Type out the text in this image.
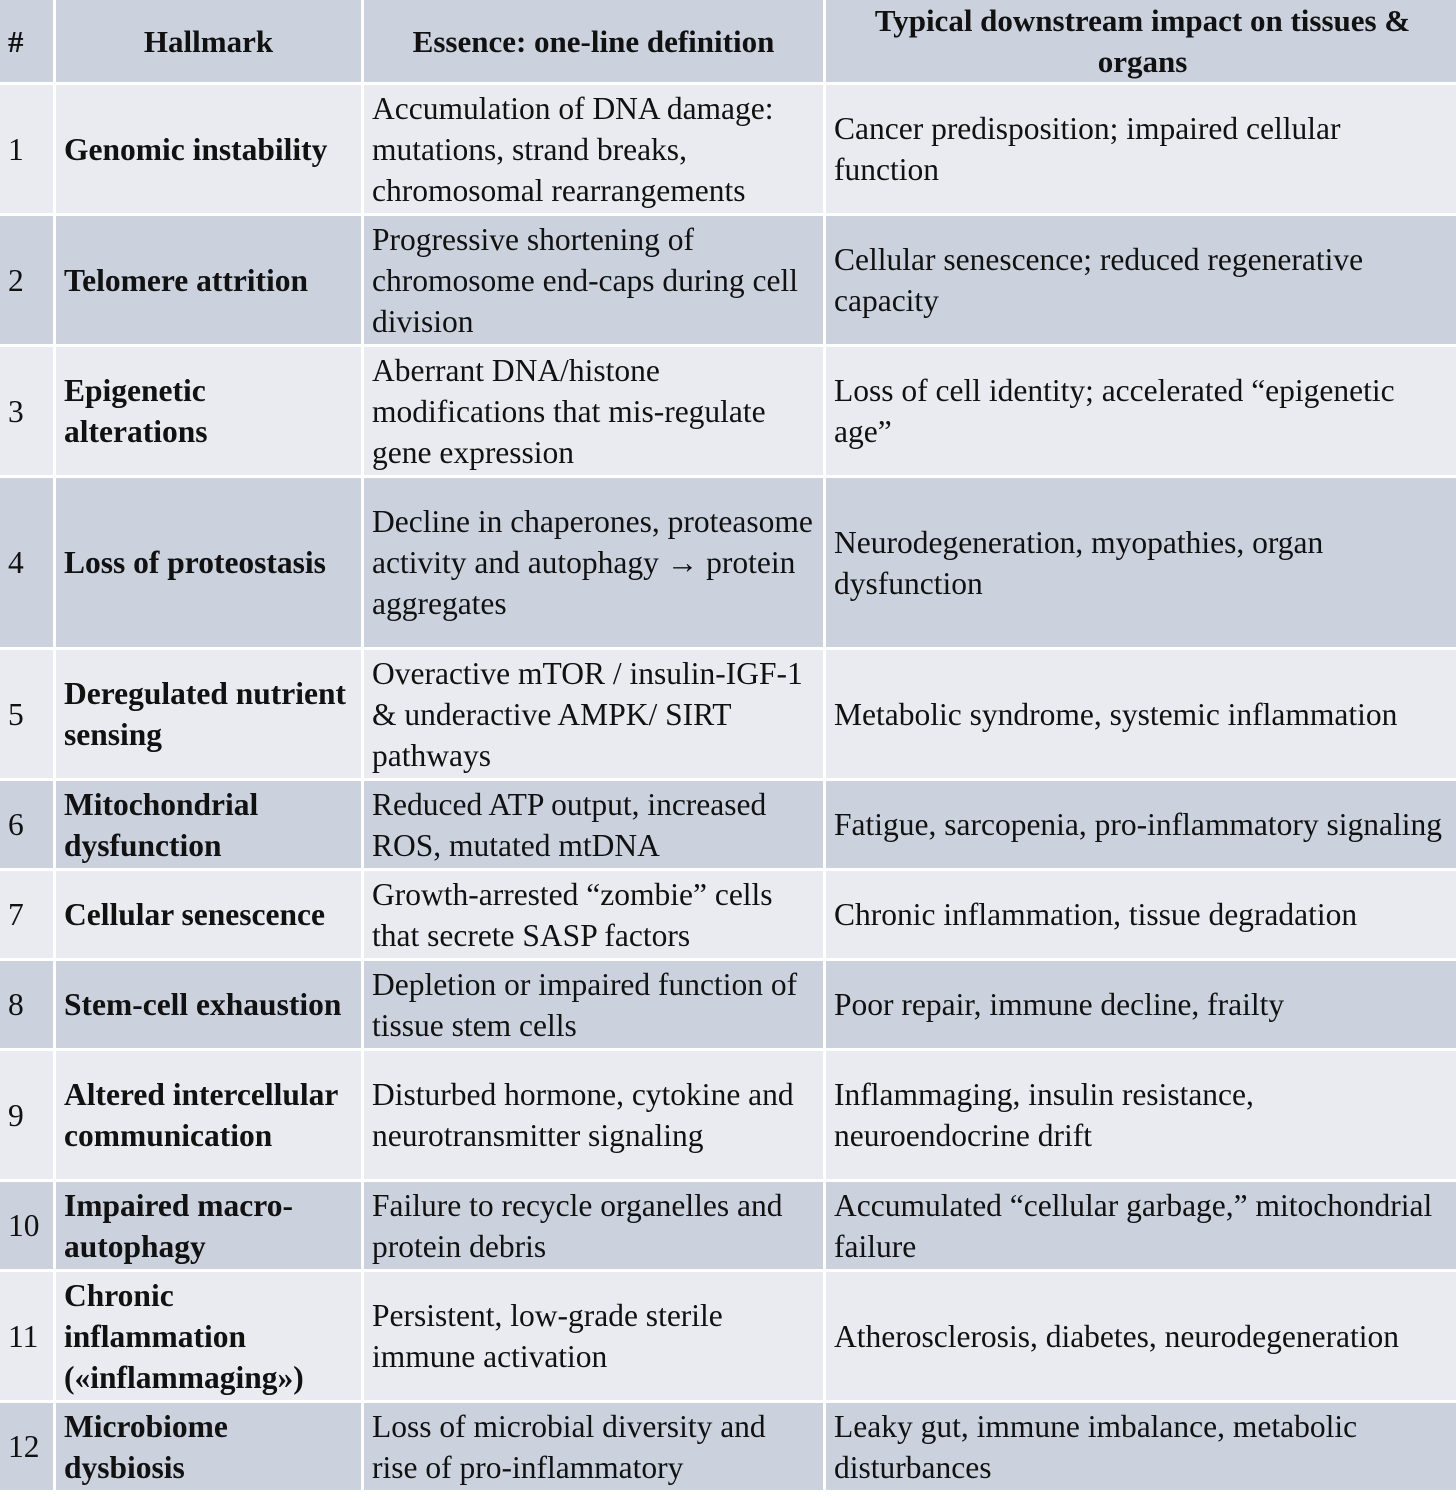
#	Hallmark	Essence: one-line definition	Typical downstream impact on tissues & organs
1	Genomic instability	Accumulation of DNA damage: mutations, strand breaks, chromosomal rearrangements	Cancer predisposition; impaired cellular function
2	Telomere attrition	Progressive shortening of chromosome end-caps during cell division	Cellular senescence; reduced regenerative capacity
3	Epigenetic alterations	Aberrant DNA/histone modifications that mis-regulate gene expression	Loss of cell identity; accelerated “epigenetic age”
4	Loss of proteostasis	Decline in chaperones, proteasome activity and autophagy → protein aggregates	Neurodegeneration, myopathies, organ dysfunction
5	Deregulated nutrient sensing	Overactive mTOR / insulin-IGF-1 & underactive AMPK/ SIRT pathways	Metabolic syndrome, systemic inflammation
6	Mitochondrial dysfunction	Reduced ATP output, increased ROS, mutated mtDNA	Fatigue, sarcopenia, pro-inflammatory signaling
7	Cellular senescence	Growth-arrested “zombie” cells that secrete SASP factors	Chronic inflammation, tissue degradation
8	Stem-cell exhaustion	Depletion or impaired function of tissue stem cells	Poor repair, immune decline, frailty
9	Altered intercellular communication	Disturbed hormone, cytokine and neurotransmitter signaling	Inflammaging, insulin resistance, neuroendocrine drift
10	Impaired macro-autophagy	Failure to recycle organelles and protein debris	Accumulated “cellular garbage,” mitochondrial failure
11	Chronic inflammation («inflammaging»)	Persistent, low-grade sterile immune activation	Atherosclerosis, diabetes, neurodegeneration
12	Microbiome dysbiosis	Loss of microbial diversity and rise of pro-inflammatory	Leaky gut, immune imbalance, metabolic disturbances
